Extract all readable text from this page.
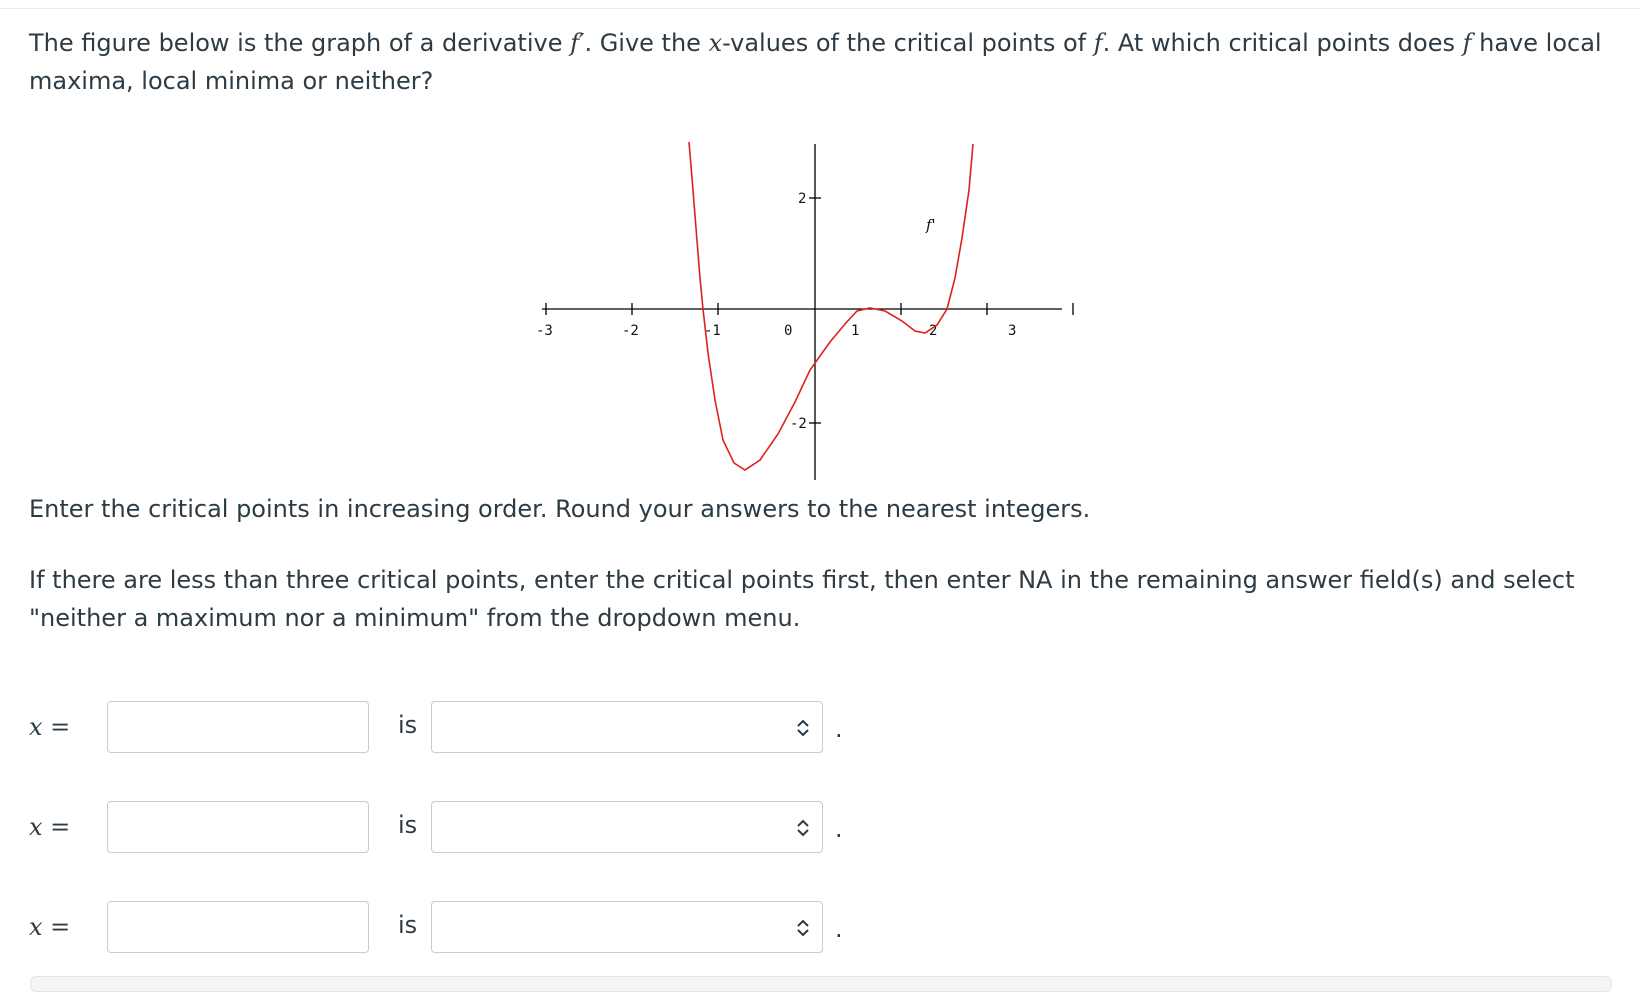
The figure below is the graph of a derivative f′. Give the x-values of the critical points of f. At which critical points does f have local maxima, local minima or neither?

-3	-2	-1	0	1	2	3
2
-2
f'

Enter the critical points in increasing order. Round your answers to the nearest integers.

If there are less than three critical points, enter the critical points first, then enter NA in the remaining answer field(s) and select "neither a maximum nor a minimum" from the dropdown menu.

x =	is	.
x =	is	.
x =	is	.
